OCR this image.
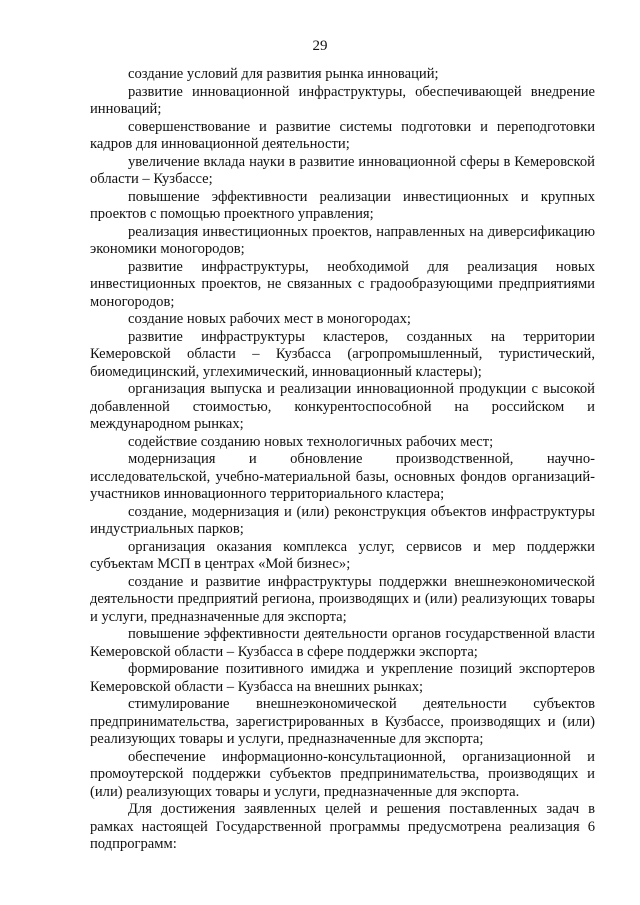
29

создание условий для развития рынка инноваций;

развитие инновационной инфраструктуры, обеспечивающей внедрение инноваций;

совершенствование и развитие системы подготовки и переподготовки кадров для инновационной деятельности;

увеличение вклада науки в развитие инновационной сферы в Кемеровской области – Кузбассе;

повышение эффективности реализации инвестиционных и крупных проектов с помощью проектного управления;

реализация инвестиционных проектов, направленных на диверсификацию экономики моногородов;

развитие инфраструктуры, необходимой для реализация новых инвестиционных проектов, не связанных с градообразующими предприятиями моногородов;

создание новых рабочих мест в моногородах;

развитие инфраструктуры кластеров, созданных на территории Кемеровской области – Кузбасса (агропромышленный, туристический, биомедицинский, углехимический, инновационный кластеры);

организация выпуска и реализации инновационной продукции с высокой добавленной стоимостью, конкурентоспособной на российском и международном рынках;

содействие созданию новых технологичных рабочих мест;

модернизация и обновление производственной, научно-исследовательской, учебно-материальной базы, основных фондов организаций-участников инновационного территориального кластера;

создание, модернизация и (или) реконструкция объектов инфраструктуры индустриальных парков;

организация оказания комплекса услуг, сервисов и мер поддержки субъектам МСП в центрах «Мой бизнес»;

создание и развитие инфраструктуры поддержки внешнеэкономической деятельности предприятий региона, производящих и (или) реализующих товары и услуги, предназначенные для экспорта;

повышение эффективности деятельности органов государственной власти Кемеровской области – Кузбасса в сфере поддержки экспорта;

формирование позитивного имиджа и укрепление позиций экспортеров Кемеровской области – Кузбасса на внешних рынках;

стимулирование внешнеэкономической деятельности субъектов предпринимательства, зарегистрированных в Кузбассе, производящих и (или) реализующих товары и услуги, предназначенные для экспорта;

обеспечение информационно-консультационной, организационной и промоутерской поддержки субъектов предпринимательства, производящих и (или) реализующих товары и услуги, предназначенные для экспорта.

Для достижения заявленных целей и решения поставленных задач в рамках настоящей Государственной программы предусмотрена реализация 6 подпрограмм:
